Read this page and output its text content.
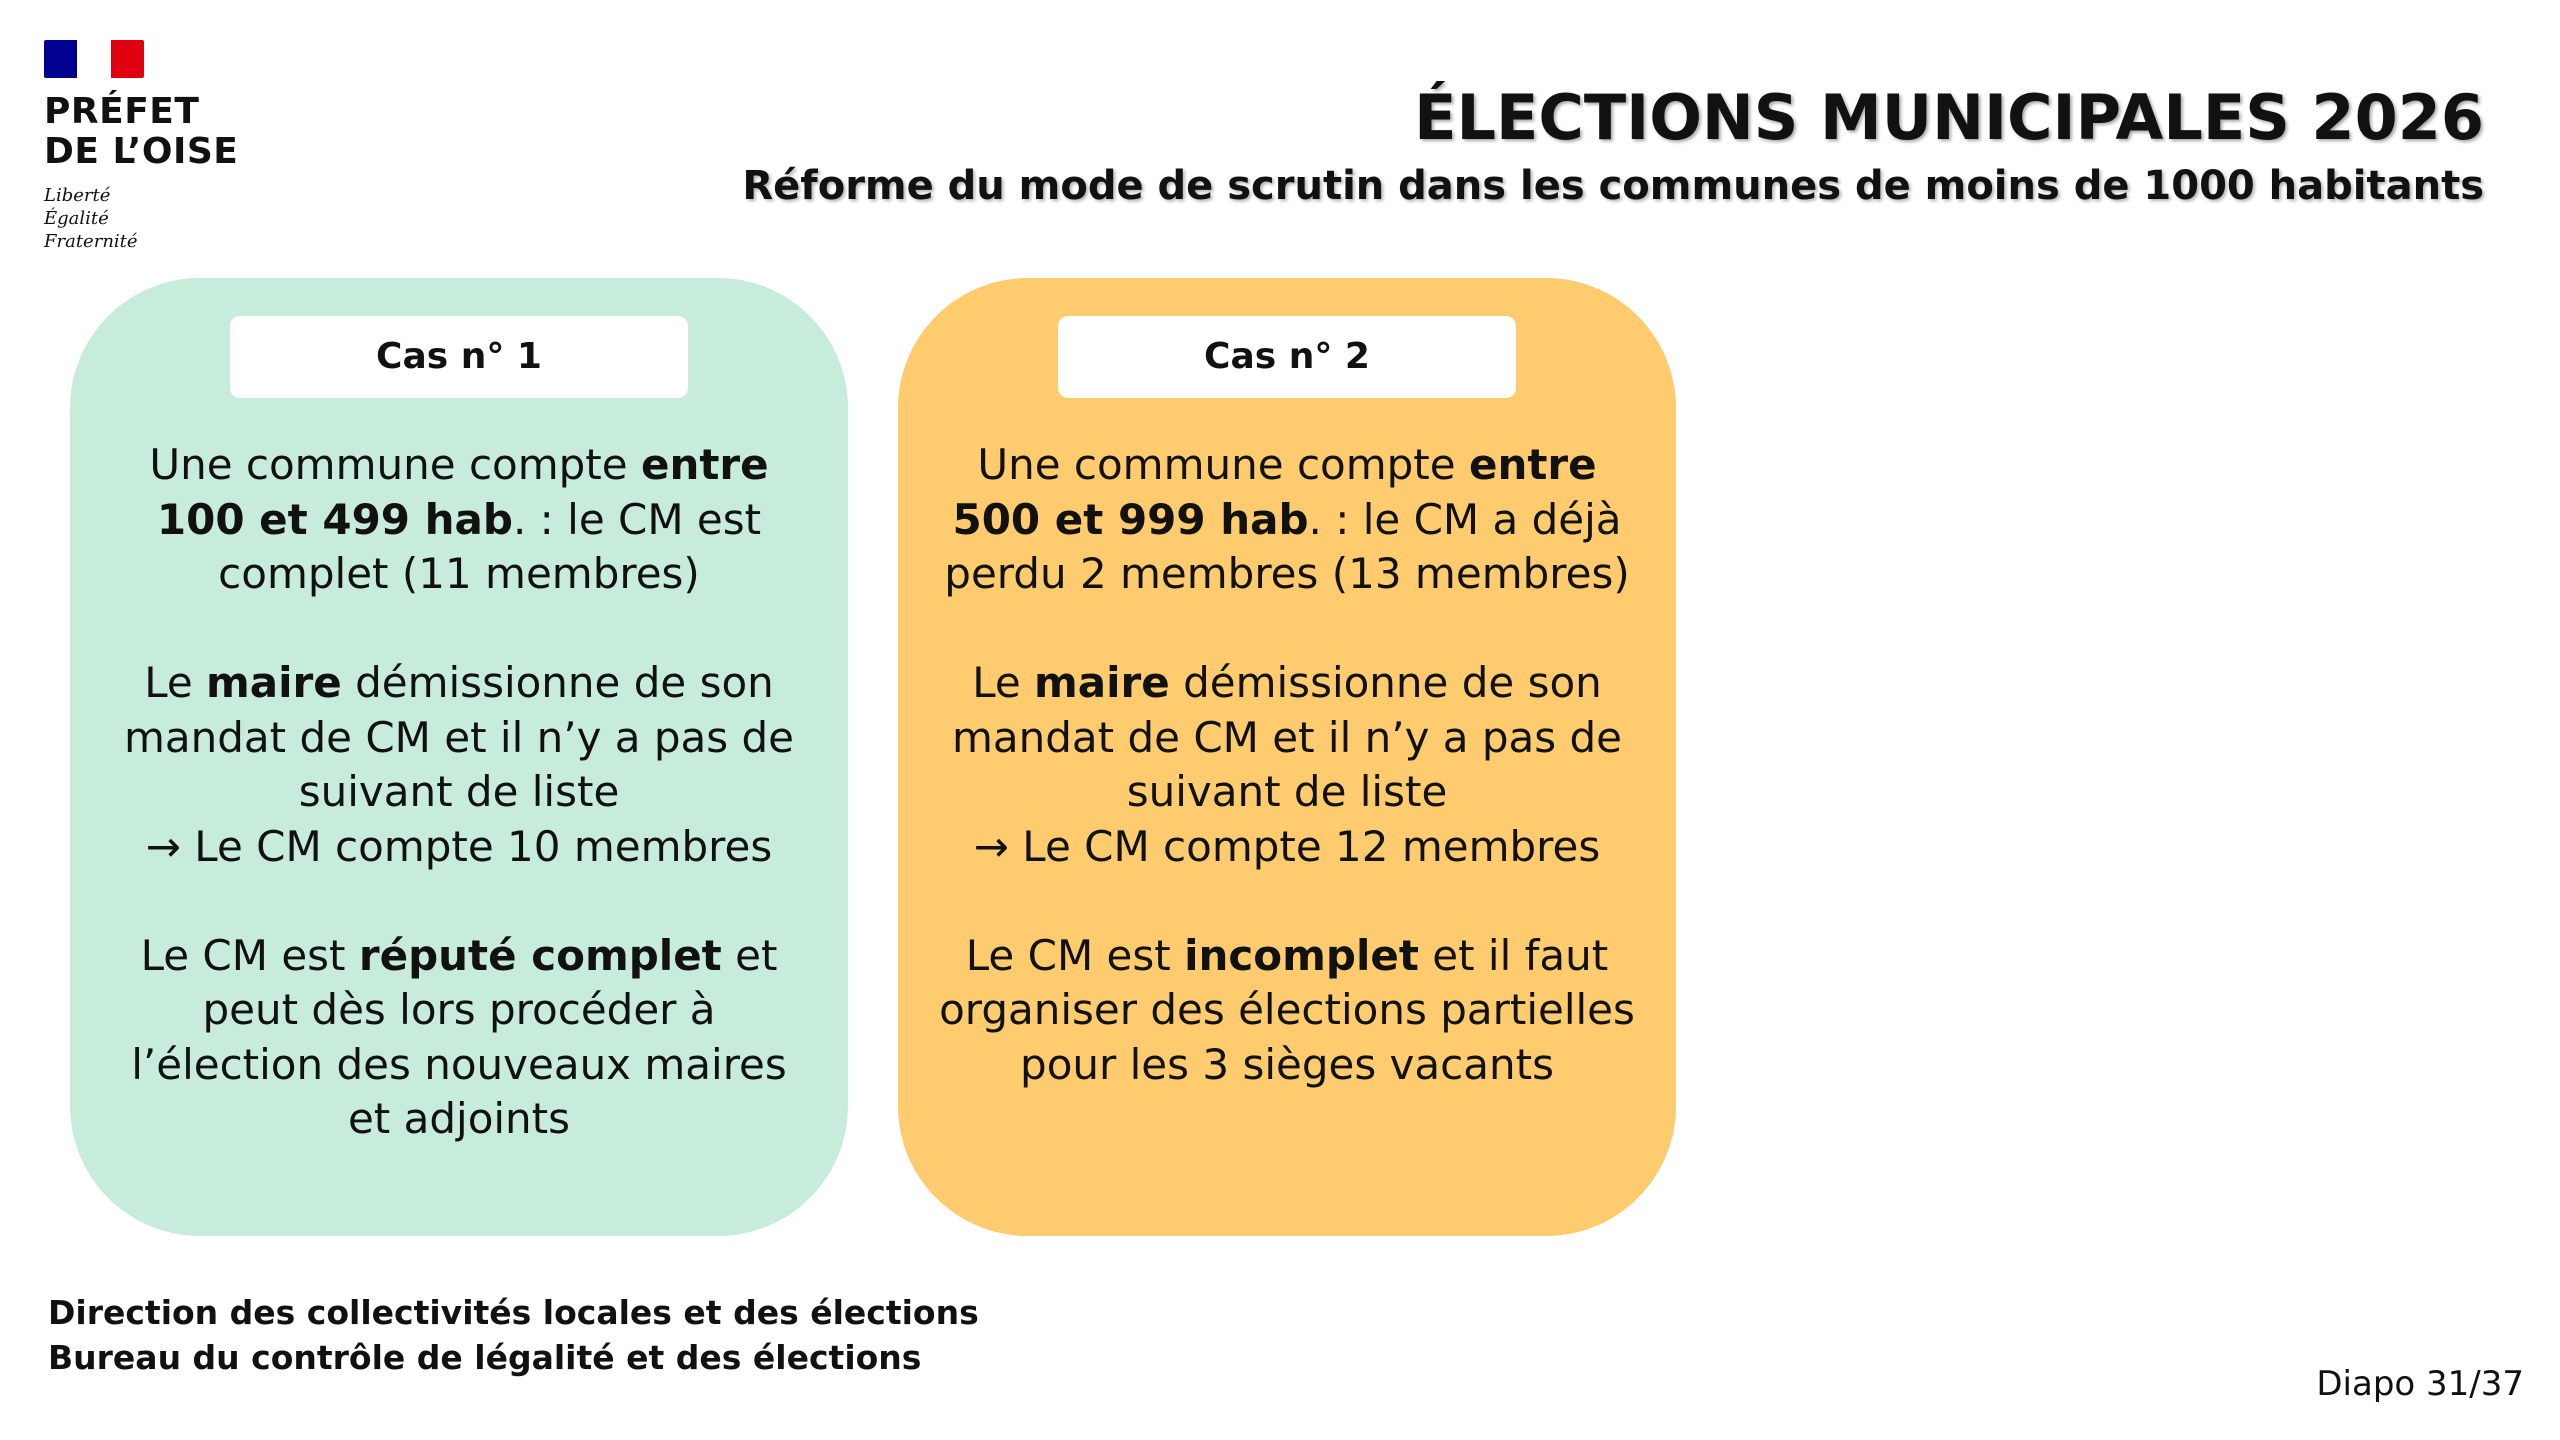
PRÉFET
DE L’OISE
Liberté
Égalité
Fraternité
ÉLECTIONS MUNICIPALES 2026
Réforme du mode de scrutin dans les communes de moins de 1000 habitants
Cas n° 1

Une commune compte entre 100 et 499 hab. : le CM est complet (11 membres)

Le maire démissionne de son mandat de CM et il n’y a pas de suivant de liste
→ Le CM compte 10 membres

Le CM est réputé complet et peut dès lors procéder à l’élection des nouveaux maires et adjoints

Cas n° 2

Une commune compte entre 500 et 999 hab. : le CM a déjà perdu 2 membres (13 membres)

Le maire démissionne de son mandat de CM et il n’y a pas de suivant de liste
→ Le CM compte 12 membres

Le CM est incomplet et il faut organiser des élections partielles pour les 3 sièges vacants

Direction des collectivités locales et des élections
Bureau du contrôle de légalité et des élections
Diapo 31/37
